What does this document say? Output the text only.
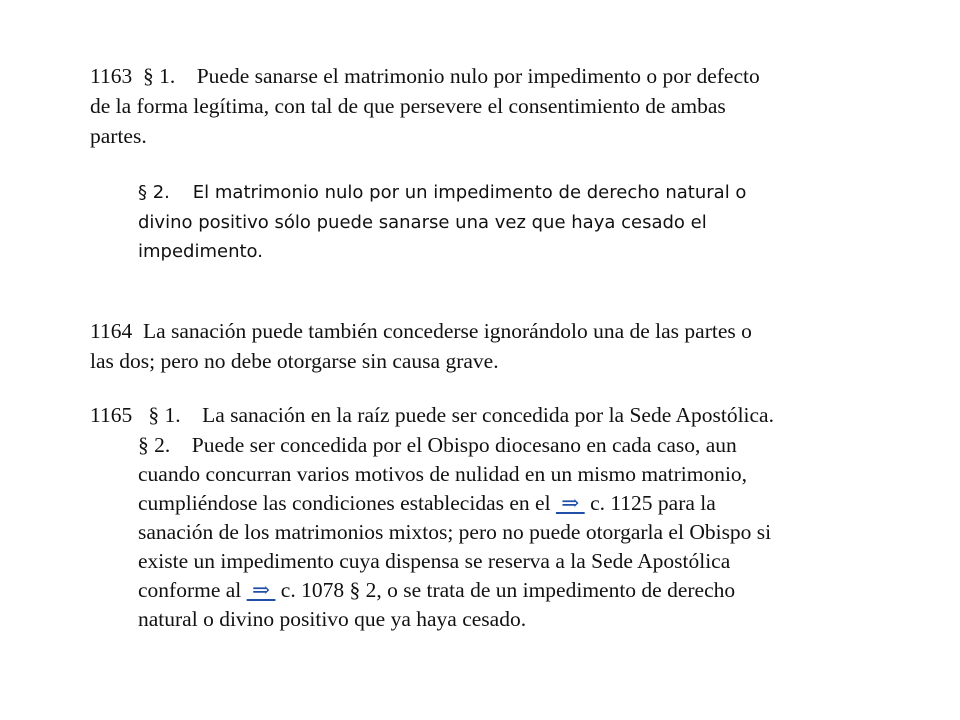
1163  § 1.    Puede sanarse el matrimonio nulo por impedimento o por defecto
de la forma legítima, con tal de que persevere el consentimiento de ambas
partes.
§ 2.    El matrimonio nulo por un impedimento de derecho natural o
divino positivo sólo puede sanarse una vez que haya cesado el
impedimento.
1164  La sanación puede también concederse ignorándolo una de las partes o
las dos; pero no debe otorgarse sin causa grave.
1165   § 1.    La sanación en la raíz puede ser concedida por la Sede Apostólica.
§ 2.    Puede ser concedida por el Obispo diocesano en cada caso, aun
cuando concurran varios motivos de nulidad en un mismo matrimonio,
cumpliéndose las condiciones establecidas en el  ⇒  c. 1125 para la
sanación de los matrimonios mixtos; pero no puede otorgarla el Obispo si
existe un impedimento cuya dispensa se reserva a la Sede Apostólica
conforme al  ⇒  c. 1078 § 2, o se trata de un impedimento de derecho
natural o divino positivo que ya haya cesado.
